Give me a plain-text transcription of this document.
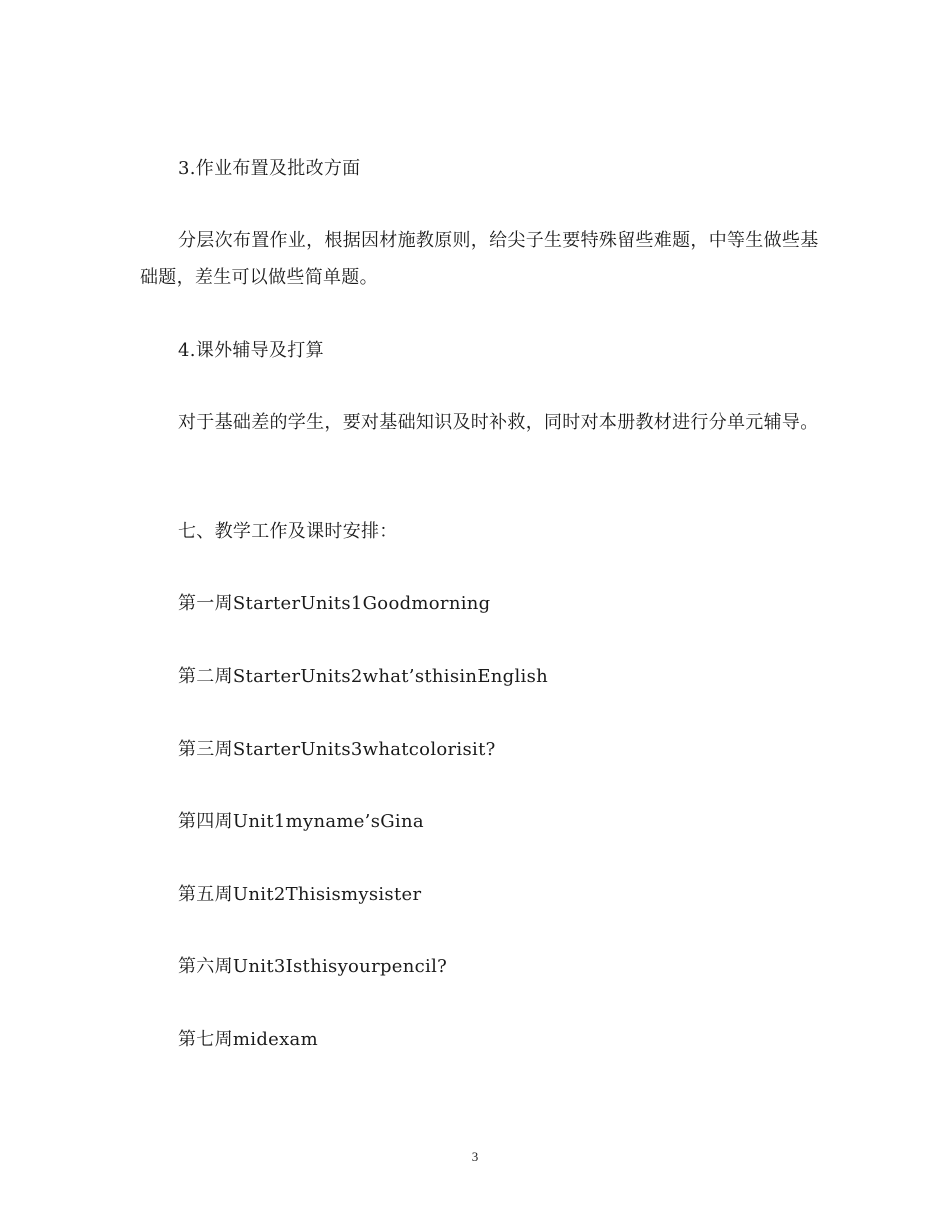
3.作业布置及批改方面

分层次布置作业，根据因材施教原则，给尖子生要特殊留些难题，中等生做些基础题，差生可以做些简单题。

4.课外辅导及打算

对于基础差的学生，要对基础知识及时补救，同时对本册教材进行分单元辅导。

七、教学工作及课时安排：

第一周StarterUnits1Goodmorning

第二周StarterUnits2what’sthisinEnglish

第三周StarterUnits3whatcolorisit?

第四周Unit1myname’sGina

第五周Unit2Thisismysister

第六周Unit3Isthisyourpencil?

第七周midexam

3
